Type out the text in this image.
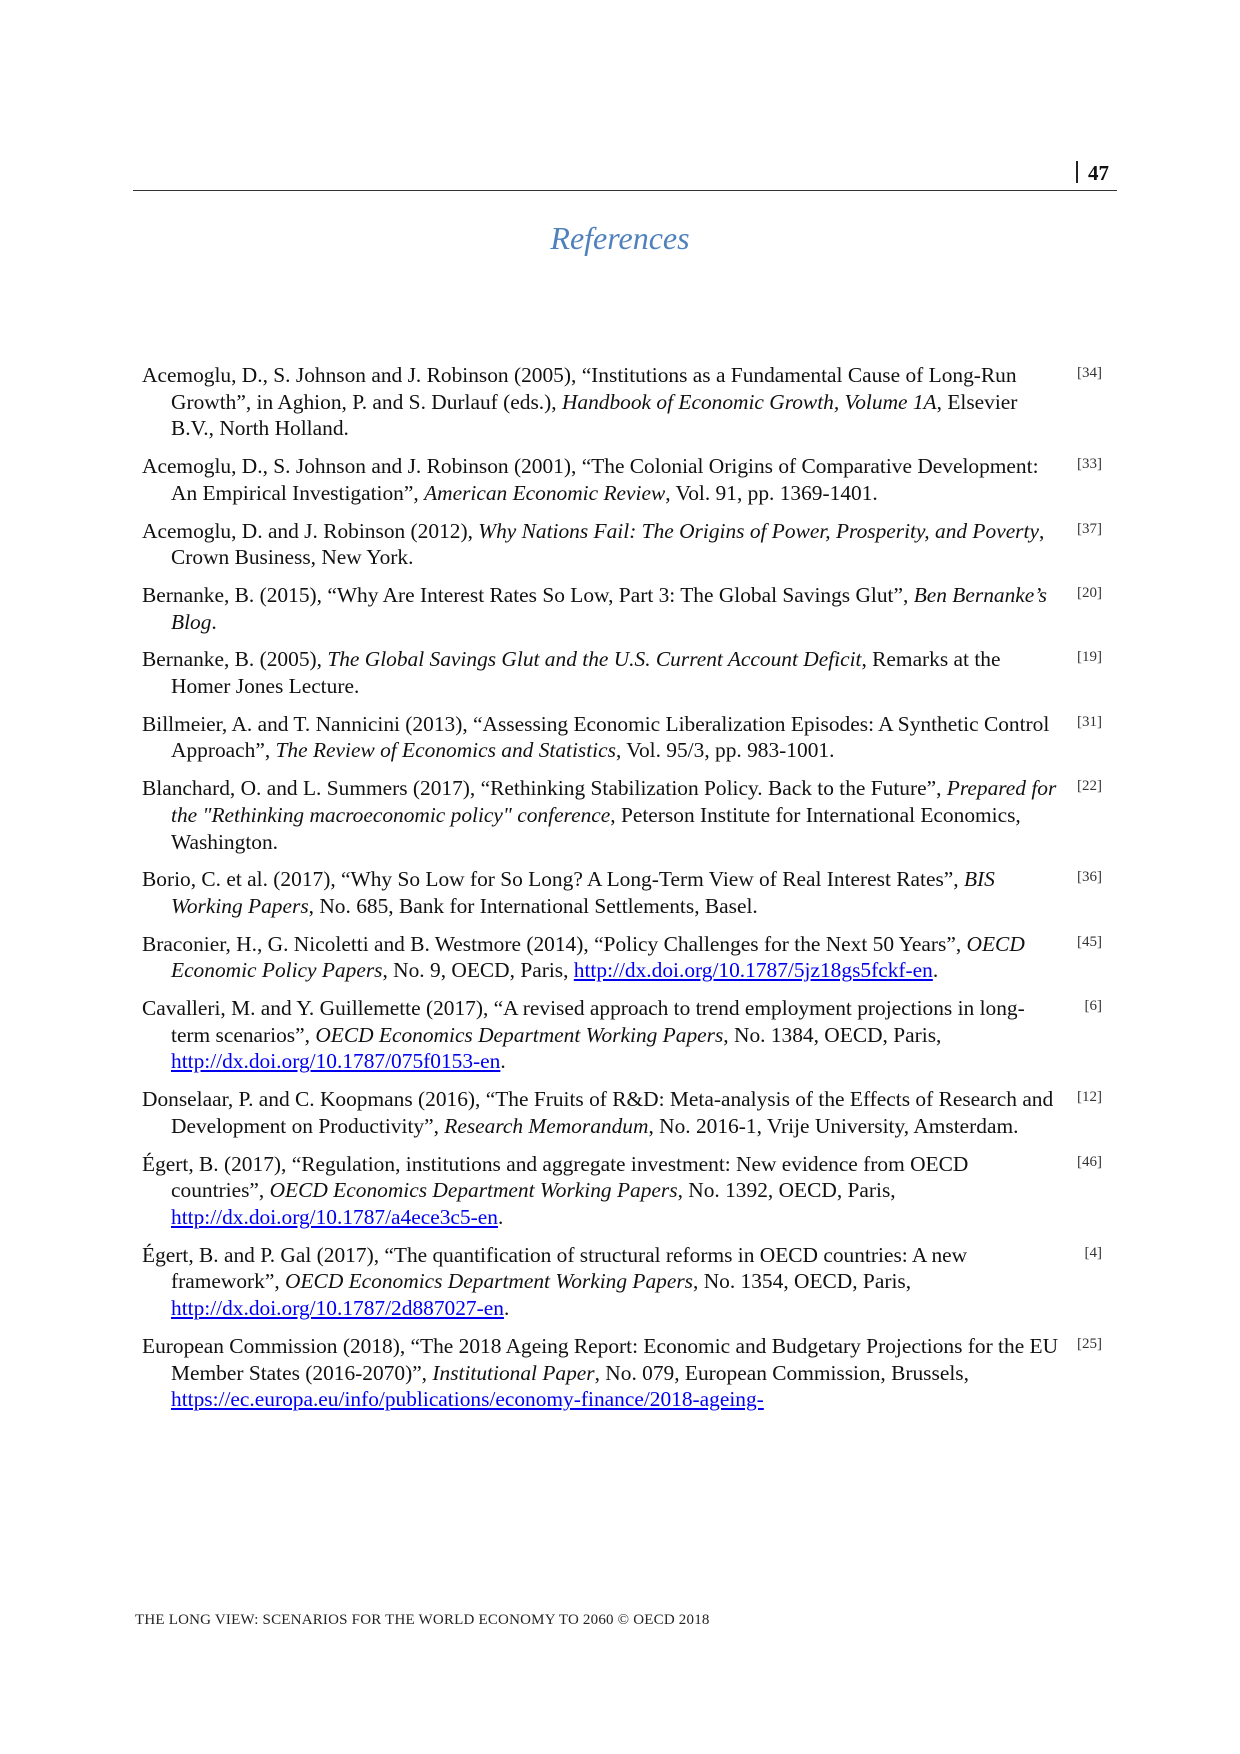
47
References
Acemoglu, D., S. Johnson and J. Robinson (2005), “Institutions as a Fundamental Cause of Long-Run Growth”, in Aghion, P. and S. Durlauf (eds.), Handbook of Economic Growth, Volume 1A, Elsevier B.V., North Holland.
[34]
Acemoglu, D., S. Johnson and J. Robinson (2001), “The Colonial Origins of Comparative Development: An Empirical Investigation”, American Economic Review, Vol. 91, pp. 1369-1401.
[33]
Acemoglu, D. and J. Robinson (2012), Why Nations Fail: The Origins of Power, Prosperity, and Poverty, Crown Business, New York.
[37]
Bernanke, B. (2015), “Why Are Interest Rates So Low, Part 3: The Global Savings Glut”, Ben Bernanke’s Blog.
[20]
Bernanke, B. (2005), The Global Savings Glut and the U.S. Current Account Deficit, Remarks at the Homer Jones Lecture.
[19]
Billmeier, A. and T. Nannicini (2013), “Assessing Economic Liberalization Episodes: A Synthetic Control Approach”, The Review of Economics and Statistics, Vol. 95/3, pp. 983-1001.
[31]
Blanchard, O. and L. Summers (2017), “Rethinking Stabilization Policy. Back to the Future”, Prepared for the "Rethinking macroeconomic policy" conference, Peterson Institute for International Economics, Washington.
[22]
Borio, C. et al. (2017), “Why So Low for So Long? A Long-Term View of Real Interest Rates”, BIS Working Papers, No. 685, Bank for International Settlements, Basel.
[36]
Braconier, H., G. Nicoletti and B. Westmore (2014), “Policy Challenges for the Next 50 Years”, OECD Economic Policy Papers, No. 9, OECD, Paris, http://dx.doi.org/10.1787/5jz18gs5fckf-en.
[45]
Cavalleri, M. and Y. Guillemette (2017), “A revised approach to trend employment projections in long-term scenarios”, OECD Economics Department Working Papers, No. 1384, OECD, Paris, http://dx.doi.org/10.1787/075f0153-en.
[6]
Donselaar, P. and C. Koopmans (2016), “The Fruits of R&D: Meta-analysis of the Effects of Research and Development on Productivity”, Research Memorandum, No. 2016-1, Vrije University, Amsterdam.
[12]
Égert, B. (2017), “Regulation, institutions and aggregate investment: New evidence from OECD countries”, OECD Economics Department Working Papers, No. 1392, OECD, Paris, http://dx.doi.org/10.1787/a4ece3c5-en.
[46]
Égert, B. and P. Gal (2017), “The quantification of structural reforms in OECD countries: A new framework”, OECD Economics Department Working Papers, No. 1354, OECD, Paris, http://dx.doi.org/10.1787/2d887027-en.
[4]
European Commission (2018), “The 2018 Ageing Report: Economic and Budgetary Projections for the EU Member States (2016-2070)”, Institutional Paper, No. 079, European Commission, Brussels, https://ec.europa.eu/info/publications/economy-finance/2018-ageing-
[25]
THE LONG VIEW: SCENARIOS FOR THE WORLD ECONOMY TO 2060 © OECD 2018
